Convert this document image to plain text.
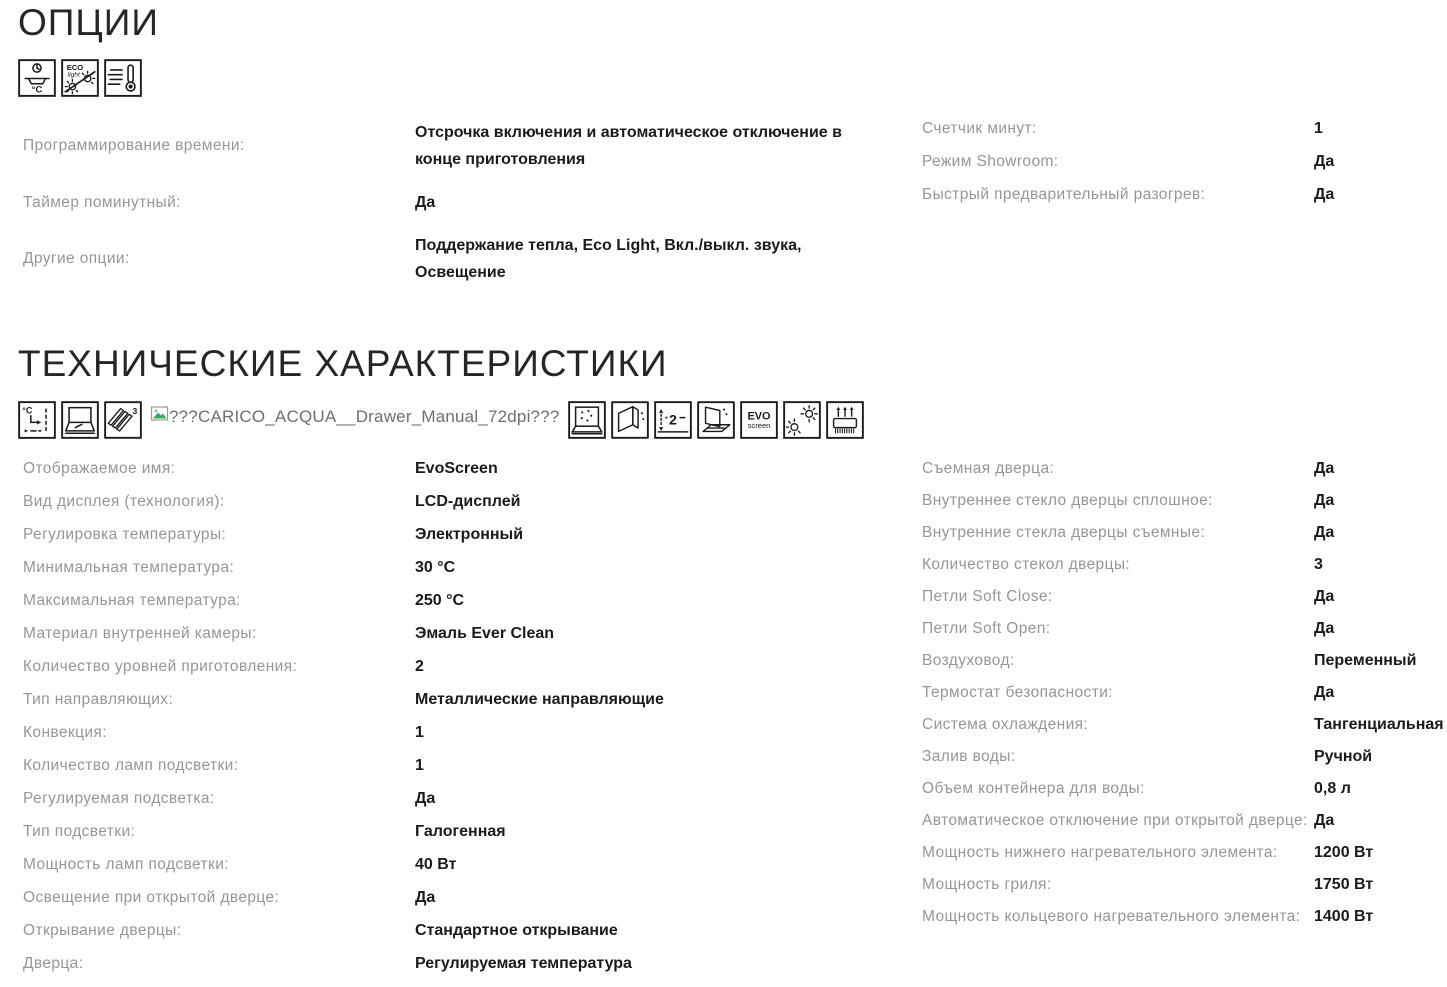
ОПЦИИ
°C
ECO
light
Программирование времени:
Отсрочка включения и автоматическое отключение в конце приготовления
Таймер поминутный:	Да
Другие опции:
Поддержание тепла, Eco Light, Вкл./выкл. звука, Освещение
Счетчик минут:	1
Режим Showroom:	Да
Быстрый предварительный разогрев:	Да
ТЕХНИЧЕСКИЕ ХАРАКТЕРИСТИКИ
°C	3 ???CARICO_ACQUA__Drawer_Manual_72dpi???	2	EVO
screen
Отображаемое имя:	EvoScreen
Вид дисплея (технология):	LCD-дисплей
Регулировка температуры:	Электронный
Минимальная температура:	30 °C
Максимальная температура:	250 °C
Материал внутренней камеры:	Эмаль Ever Clean
Количество уровней приготовления:	2
Тип направляющих:	Металлические направляющие
Конвекция:	1
Количество ламп подсветки:	1
Регулируемая подсветка:	Да
Тип подсветки:	Галогенная
Мощность ламп подсветки:	40 Вт
Освещение при открытой дверце:	Да
Открывание дверцы:	Стандартное открывание
Дверца:	Регулируемая температура
Съемная дверца:	Да
Внутреннее стекло дверцы сплошное:	Да
Внутренние стекла дверцы съемные:	Да
Количество стекол дверцы:	3
Петли Soft Close:	Да
Петли Soft Open:	Да
Воздуховод:	Переменный
Термостат безопасности:	Да
Система охлаждения:	Тангенциальная
Залив воды:	Ручной
Объем контейнера для воды:	0,8 л
Автоматическое отключение при открытой дверце: Да
Мощность нижнего нагревательного элемента:	1200 Вт
Мощность гриля:	1750 Вт
Мощность кольцевого нагревательного элемента: 1400 Вт
